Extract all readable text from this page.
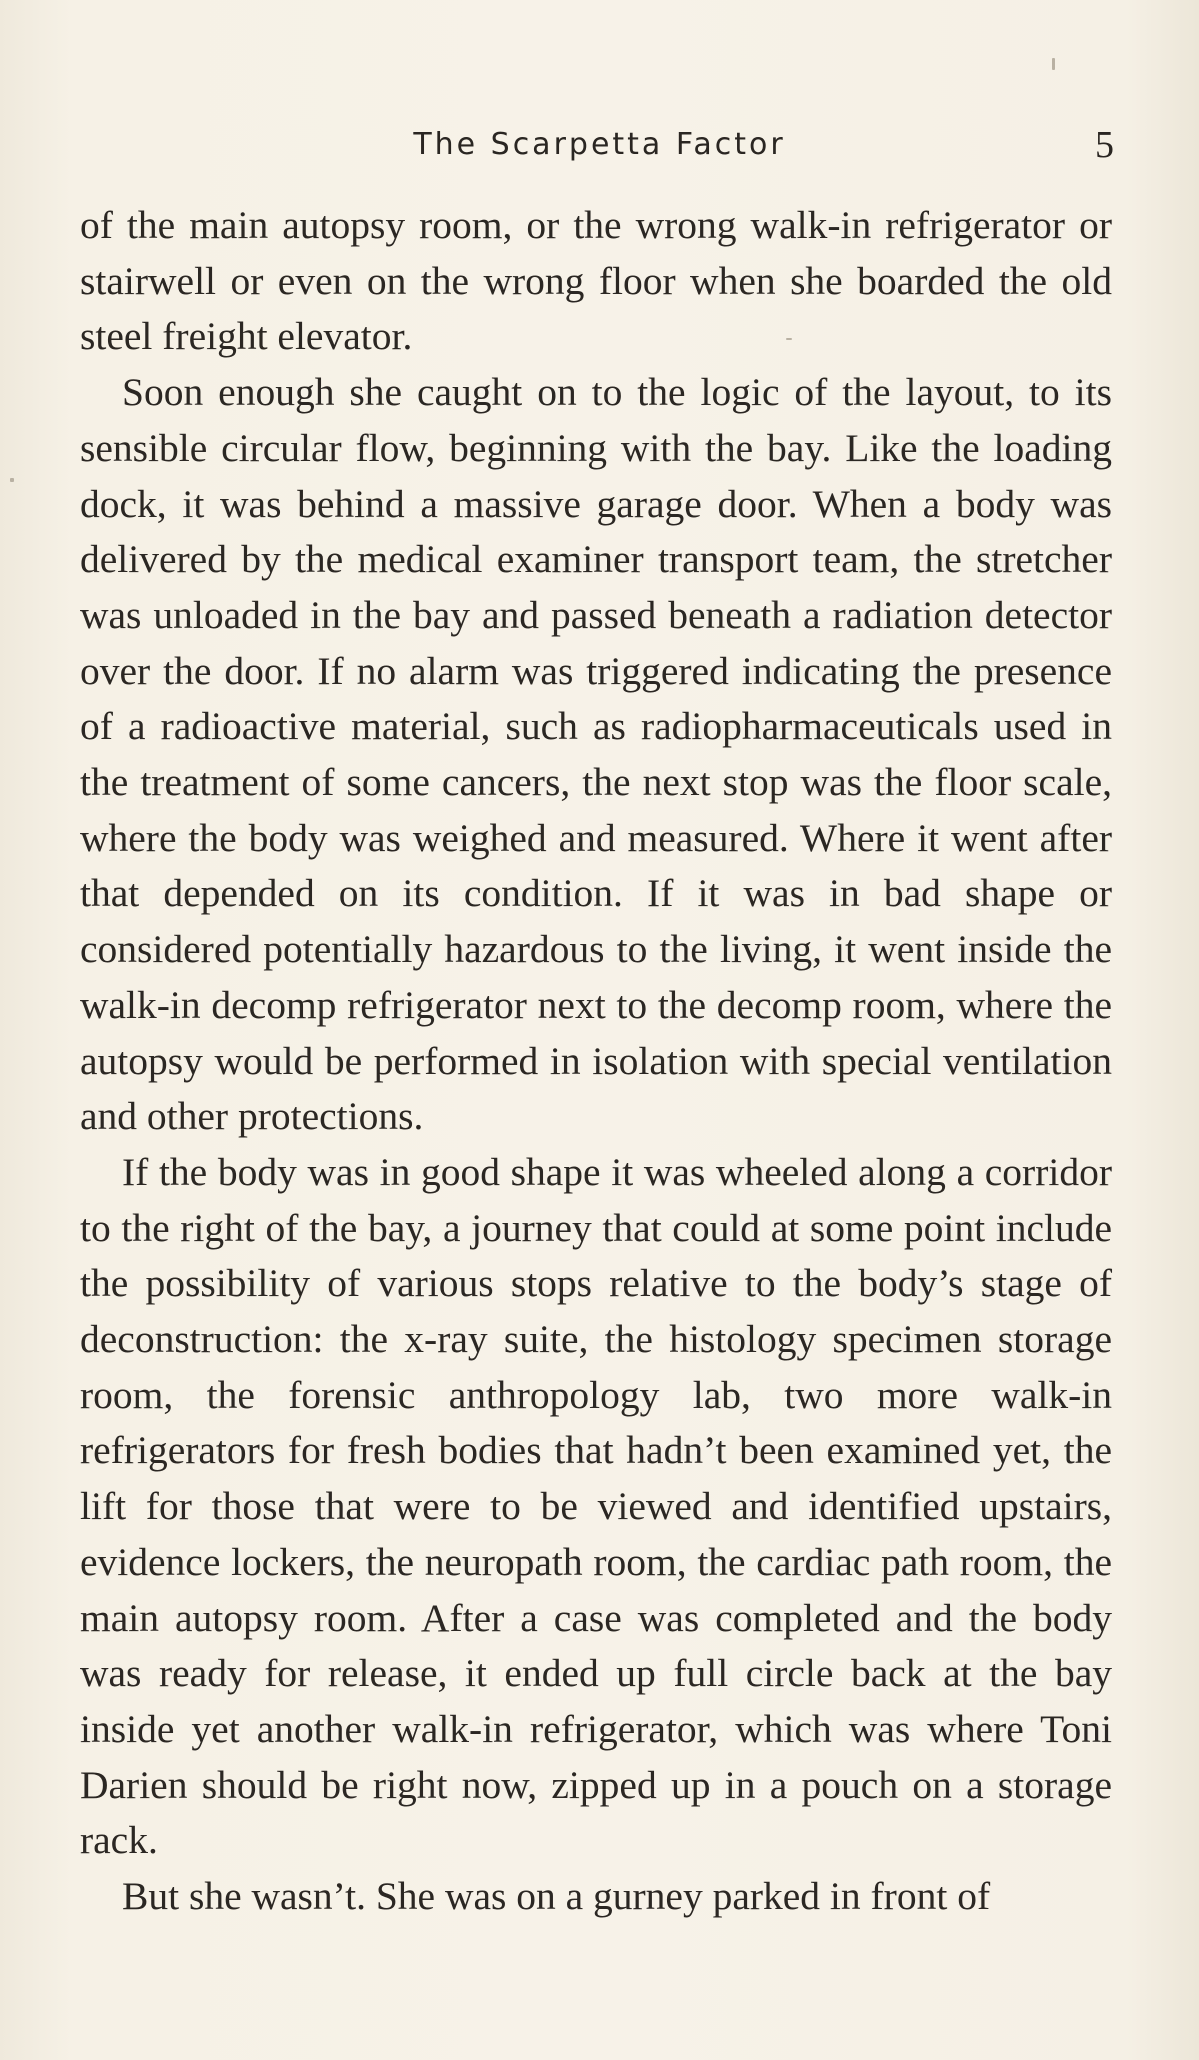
The Scarpetta Factor	5

of the main autopsy room, or the wrong walk-in refrigerator or stairwell or even on the wrong floor when she boarded the old steel freight elevator.

Soon enough she caught on to the logic of the layout, to its sensible circular flow, beginning with the bay. Like the loading dock, it was behind a massive garage door. When a body was delivered by the medical examiner transport team, the stretcher was unloaded in the bay and passed beneath a radiation detector over the door. If no alarm was triggered indicating the presence of a radioactive material, such as radiopharmaceuticals used in the treatment of some cancers, the next stop was the floor scale, where the body was weighed and measured. Where it went after that depended on its condition. If it was in bad shape or considered potentially hazardous to the living, it went inside the walk-in decomp refrigerator next to the decomp room, where the autopsy would be performed in isolation with special ventilation and other protections.

If the body was in good shape it was wheeled along a corridor to the right of the bay, a journey that could at some point include the possibility of various stops relative to the body’s stage of deconstruction: the x-ray suite, the histology specimen storage room, the forensic anthropology lab, two more walk-in refrigerators for fresh bodies that hadn’t been examined yet, the lift for those that were to be viewed and identified upstairs, evidence lockers, the neuropath room, the cardiac path room, the main autopsy room. After a case was completed and the body was ready for release, it ended up full circle back at the bay inside yet another walk-in refrigerator, which was where Toni Darien should be right now, zipped up in a pouch on a storage rack.

But she wasn’t. She was on a gurney parked in front of
